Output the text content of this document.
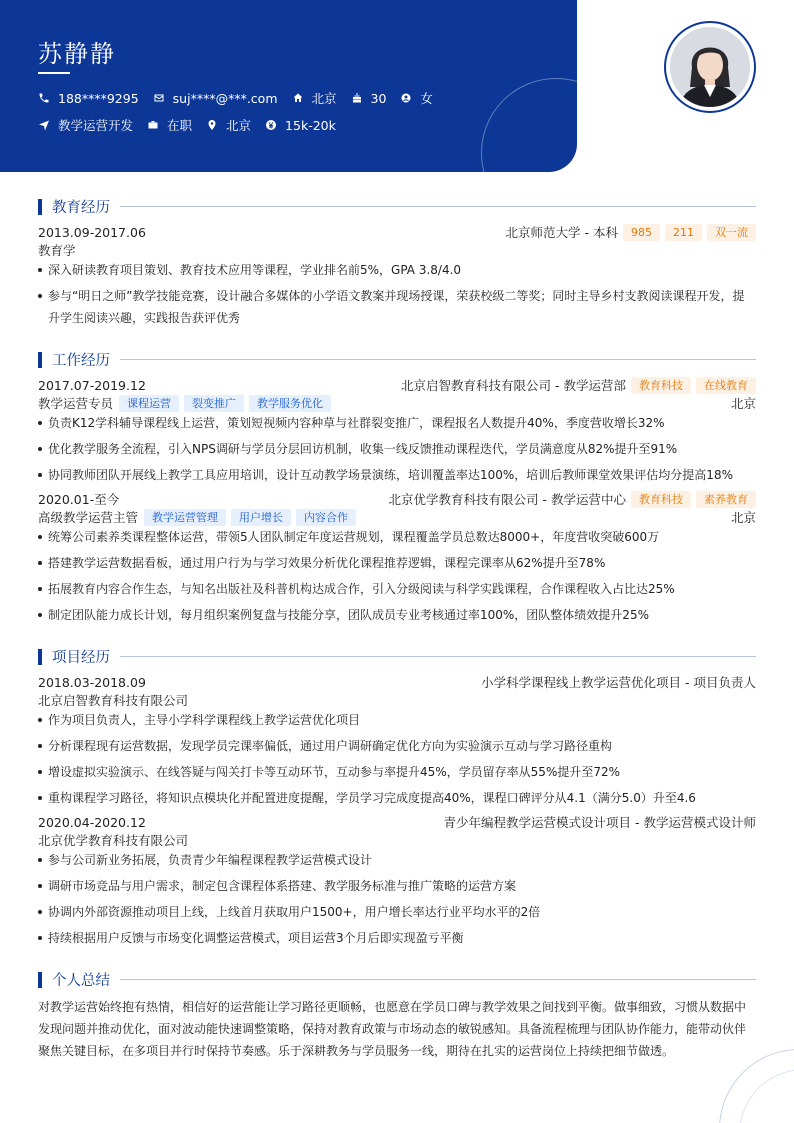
苏静静
188****9295	suj****@***.com	北京	30	女
教学运营开发	在职	北京	15k-20k
教育经历
2013.09-2017.06	北京师范大学 - 本科	985	211	双一流
教育学
深入研读教育项目策划、教育技术应用等课程，学业排名前5%，GPA 3.8/4.0
参与“明日之师”教学技能竞赛，设计融合多媒体的小学语文教案并现场授课，荣获校级二等奖；同时主导乡村支教阅读课程开发，提升学生阅读兴趣，实践报告获评优秀
工作经历
2017.07-2019.12	北京启智教育科技有限公司 - 教学运营部	教育科技	在线教育
教学运营专员	课程运营	裂变推广	教学服务优化	北京
负责K12学科辅导课程线上运营，策划短视频内容种草与社群裂变推广，课程报名人数提升40%，季度营收增长32%
优化教学服务全流程，引入NPS调研与学员分层回访机制，收集一线反馈推动课程迭代，学员满意度从82%提升至91%
协同教师团队开展线上教学工具应用培训，设计互动教学场景演练，培训覆盖率达100%，培训后教师课堂效果评估均分提高18%
2020.01-至今	北京优学教育科技有限公司 - 教学运营中心	教育科技	素养教育
高级教学运营主管	教学运营管理	用户增长	内容合作	北京
统筹公司素养类课程整体运营，带领5人团队制定年度运营规划，课程覆盖学员总数达8000+，年度营收突破600万
搭建教学运营数据看板，通过用户行为与学习效果分析优化课程推荐逻辑，课程完课率从62%提升至78%
拓展教育内容合作生态，与知名出版社及科普机构达成合作，引入分级阅读与科学实践课程，合作课程收入占比达25%
制定团队能力成长计划，每月组织案例复盘与技能分享，团队成员专业考核通过率100%，团队整体绩效提升25%
项目经历
2018.03-2018.09	小学科学课程线上教学运营优化项目 - 项目负责人
北京启智教育科技有限公司
作为项目负责人，主导小学科学课程线上教学运营优化项目
分析课程现有运营数据，发现学员完课率偏低，通过用户调研确定优化方向为实验演示互动与学习路径重构
增设虚拟实验演示、在线答疑与闯关打卡等互动环节，互动参与率提升45%，学员留存率从55%提升至72%
重构课程学习路径，将知识点模块化并配置进度提醒，学员学习完成度提高40%，课程口碑评分从4.1（满分5.0）升至4.6
2020.04-2020.12	青少年编程教学运营模式设计项目 - 教学运营模式设计师
北京优学教育科技有限公司
参与公司新业务拓展，负责青少年编程课程教学运营模式设计
调研市场竞品与用户需求，制定包含课程体系搭建、教学服务标准与推广策略的运营方案
协调内外部资源推动项目上线，上线首月获取用户1500+，用户增长率达行业平均水平的2倍
持续根据用户反馈与市场变化调整运营模式，项目运营3个月后即实现盈亏平衡
个人总结
对教学运营始终抱有热情，相信好的运营能让学习路径更顺畅，也愿意在学员口碑与教学效果之间找到平衡。做事细致，习惯从数据中发现问题并推动优化，面对波动能快速调整策略，保持对教育政策与市场动态的敏锐感知。具备流程梳理与团队协作能力，能带动伙伴聚焦关键目标，在多项目并行时保持节奏感。乐于深耕教务与学员服务一线，期待在扎实的运营岗位上持续把细节做透。
